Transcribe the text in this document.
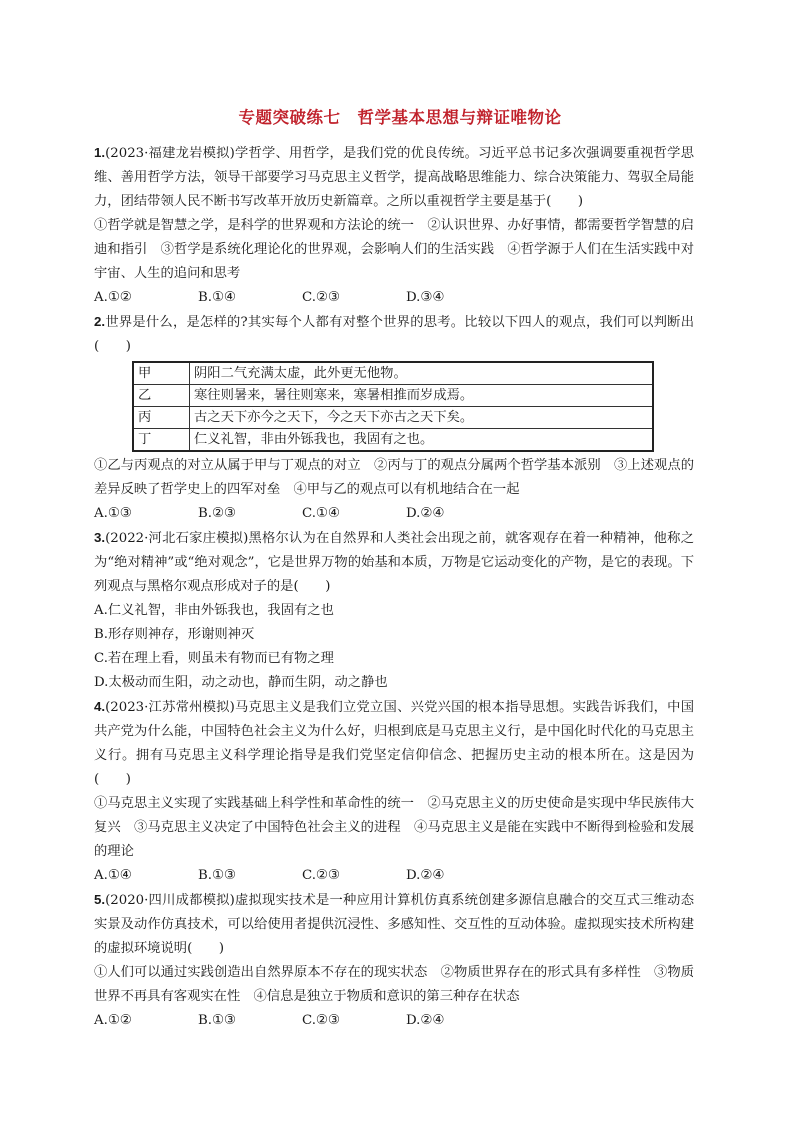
专题突破练七　哲学基本思想与辩证唯物论

1.(2023·福建龙岩模拟)学哲学、用哲学，是我们党的优良传统。习近平总书记多次强调要重视哲学思维、善用哲学方法，领导干部要学习马克思主义哲学，提高战略思维能力、综合决策能力、驾驭全局能力，团结带领人民不断书写改革开放历史新篇章。之所以重视哲学主要是基于(　　)

①哲学就是智慧之学，是科学的世界观和方法论的统一　②认识世界、办好事情，都需要哲学智慧的启迪和指引　③哲学是系统化理论化的世界观，会影响人们的生活实践　④哲学源于人们在生活实践中对宇宙、人生的追问和思考

A.①②	B.①④	C.②③	D.③④

2.世界是什么，是怎样的?其实每个人都有对整个世界的思考。比较以下四人的观点，我们可以判断出　　　　　　(　　)

甲	阴阳二气充满太虚，此外更无他物。
乙	寒往则暑来，暑往则寒来，寒暑相推而岁成焉。
丙	古之天下亦今之天下，今之天下亦古之天下矣。
丁	仁义礼智，非由外铄我也，我固有之也。

①乙与丙观点的对立从属于甲与丁观点的对立　②丙与丁的观点分属两个哲学基本派别　③上述观点的差异反映了哲学史上的四军对垒　④甲与乙的观点可以有机地结合在一起

A.①③	B.②③	C.①④	D.②④

3.(2022·河北石家庄模拟)黑格尔认为在自然界和人类社会出现之前，就客观存在着一种精神，他称之为“绝对精神”或“绝对观念”，它是世界万物的始基和本质，万物是它运动变化的产物，是它的表现。下列观点与黑格尔观点形成对子的是(　　)

A.仁义礼智，非由外铄我也，我固有之也

B.形存则神存，形谢则神灭

C.若在理上看，则虽未有物而已有物之理

D.太极动而生阳，动之动也，静而生阴，动之静也

4.(2023·江苏常州模拟)马克思主义是我们立党立国、兴党兴国的根本指导思想。实践告诉我们，中国共产党为什么能，中国特色社会主义为什么好，归根到底是马克思主义行，是中国化时代化的马克思主义行。拥有马克思主义科学理论指导是我们党坚定信仰信念、把握历史主动的根本所在。这是因为(　　)

①马克思主义实现了实践基础上科学性和革命性的统一　②马克思主义的历史使命是实现中华民族伟大复兴　③马克思主义决定了中国特色社会主义的进程　④马克思主义是能在实践中不断得到检验和发展的理论

A.①④	B.①③	C.②③	D.②④

5.(2020·四川成都模拟)虚拟现实技术是一种应用计算机仿真系统创建多源信息融合的交互式三维动态实景及动作仿真技术，可以给使用者提供沉浸性、多感知性、交互性的互动体验。虚拟现实技术所构建的虚拟环境说明(　　)

①人们可以通过实践创造出自然界原本不存在的现实状态　②物质世界存在的形式具有多样性　③物质世界不再具有客观实在性　④信息是独立于物质和意识的第三种存在状态

A.①②	B.①③	C.②③	D.②④
